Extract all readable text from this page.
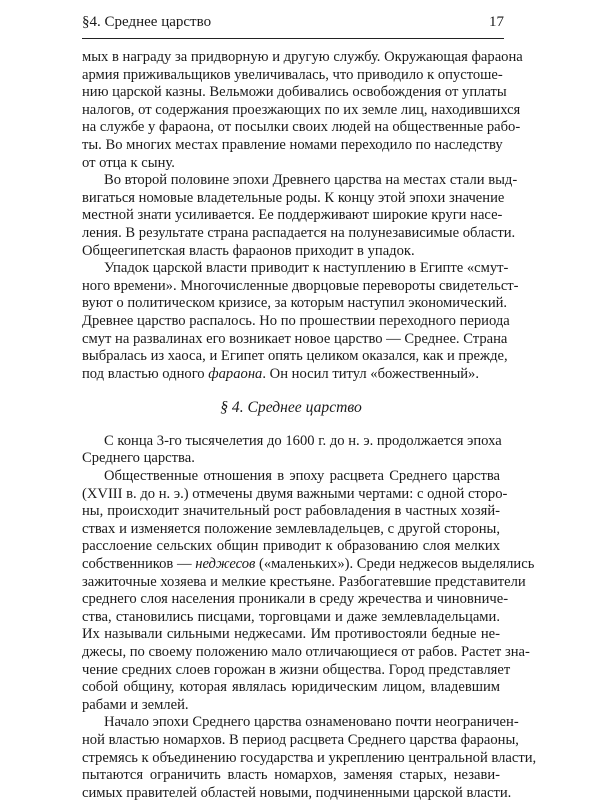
§4. Среднее царство	17
мых в награду за придворную и другую службу. Окружающая фараона
армия приживальщиков увеличивалась, что приводило к опустоше-
нию царской казны. Вельможи добивались освобождения от уплаты
налогов, от содержания проезжающих по их земле лиц, находившихся
на службе у фараона, от посылки своих людей на общественные рабо-
ты. Во многих местах правление номами переходило по наследству
от отца к сыну.
Во второй половине эпохи Древнего царства на местах стали выд-
вигаться номовые владетельные роды. К концу этой эпохи значение
местной знати усиливается. Ее поддерживают широкие круги насе-
ления. В результате страна распадается на полунезависимые области.
Общеегипетская власть фараонов приходит в упадок.
Упадок царской власти приводит к наступлению в Египте «смут-
ного времени». Многочисленные дворцовые перевороты свидетельст-
вуют о политическом кризисе, за которым наступил экономический.
Древнее царство распалось. Но по прошествии переходного периода
смут на развалинах его возникает новое царство — Среднее. Страна
выбралась из хаоса, и Египет опять целиком оказался, как и прежде,
под властью одного фараона. Он носил титул «божественный».
§ 4. Среднее царство
С конца 3-го тысячелетия до 1600 г. до н. э. продолжается эпоха
Среднего царства.
Общественные отношения в эпоху расцвета Среднего царства
(XVIII в. до н. э.) отмечены двумя важными чертами: с одной сторо-
ны, происходит значительный рост рабовладения в частных хозяй-
ствах и изменяется положение землевладельцев, с другой стороны,
расслоение сельских общин приводит к образованию слоя мелких
собственников — неджесов («маленьких»). Среди неджесов выделялись
зажиточные хозяева и мелкие крестьяне. Разбогатевшие представители
среднего слоя населения проникали в среду жречества и чиновниче-
ства, становились писцами, торговцами и даже землевладельцами.
Их называли сильными неджесами. Им противостояли бедные не-
джесы, по своему положению мало отличающиеся от рабов. Растет зна-
чение средних слоев горожан в жизни общества. Город представляет
собой общину, которая являлась юридическим лицом, владевшим
рабами и землей.
Начало эпохи Среднего царства ознаменовано почти неограничен-
ной властью номархов. В период расцвета Среднего царства фараоны,
стремясь к объединению государства и укреплению центральной власти,
пытаются ограничить власть номархов, заменяя старых, незави-
симых правителей областей новыми, подчиненными царской власти.
